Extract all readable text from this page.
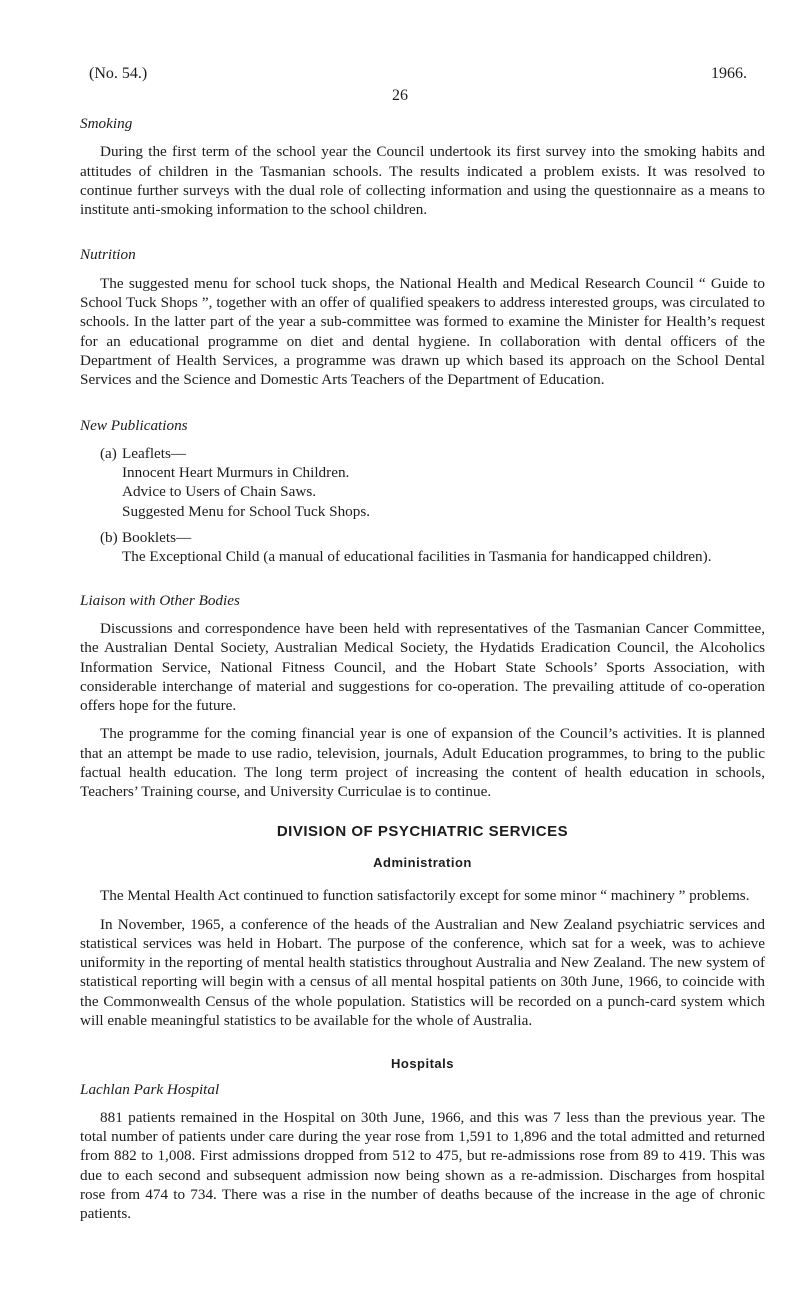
(No. 54.)	1966.
26
Smoking

During the first term of the school year the Council undertook its first survey into the smoking habits and attitudes of children in the Tasmanian schools. The results indicated a problem exists. It was resolved to continue further surveys with the dual role of collecting information and using the questionnaire as a means to institute anti-smoking information to the school children.

Nutrition

The suggested menu for school tuck shops, the National Health and Medical Research Council “ Guide to School Tuck Shops ”, together with an offer of qualified speakers to address interested groups, was circulated to schools. In the latter part of the year a sub-committee was formed to examine the Minister for Health’s request for an educational programme on diet and dental hygiene. In collaboration with dental officers of the Department of Health Services, a programme was drawn up which based its approach on the School Dental Services and the Science and Domestic Arts Teachers of the Department of Education.

New Publications
(a) Leaflets—
Innocent Heart Murmurs in Children.
Advice to Users of Chain Saws.
Suggested Menu for School Tuck Shops.
(b) Booklets—
The Exceptional Child (a manual of educational facilities in Tasmania for handicapped children).
Liaison with Other Bodies

Discussions and correspondence have been held with representatives of the Tasmanian Cancer Committee, the Australian Dental Society, Australian Medical Society, the Hydatids Eradication Council, the Alcoholics Information Service, National Fitness Council, and the Hobart State Schools’ Sports Association, with considerable interchange of material and suggestions for co-operation. The prevailing attitude of co-operation offers hope for the future.

The programme for the coming financial year is one of expansion of the Council’s activities. It is planned that an attempt be made to use radio, television, journals, Adult Education programmes, to bring to the public factual health education. The long term project of increasing the content of health education in schools, Teachers’ Training course, and University Curriculae is to continue.

DIVISION OF PSYCHIATRIC SERVICES
Administration

The Mental Health Act continued to function satisfactorily except for some minor “ machinery ” problems.

In November, 1965, a conference of the heads of the Australian and New Zealand psychiatric services and statistical services was held in Hobart. The purpose of the conference, which sat for a week, was to achieve uniformity in the reporting of mental health statistics throughout Australia and New Zealand. The new system of statistical reporting will begin with a census of all mental hospital patients on 30th June, 1966, to coincide with the Commonwealth Census of the whole population. Statistics will be recorded on a punch-card system which will enable meaningful statistics to be available for the whole of Australia.

Hospitals
Lachlan Park Hospital

881 patients remained in the Hospital on 30th June, 1966, and this was 7 less than the previous year. The total number of patients under care during the year rose from 1,591 to 1,896 and the total admitted and returned from 882 to 1,008. First admissions dropped from 512 to 475, but re-admissions rose from 89 to 419. This was due to each second and subsequent admission now being shown as a re-admission. Discharges from hospital rose from 474 to 734. There was a rise in the number of deaths because of the increase in the age of chronic patients.
